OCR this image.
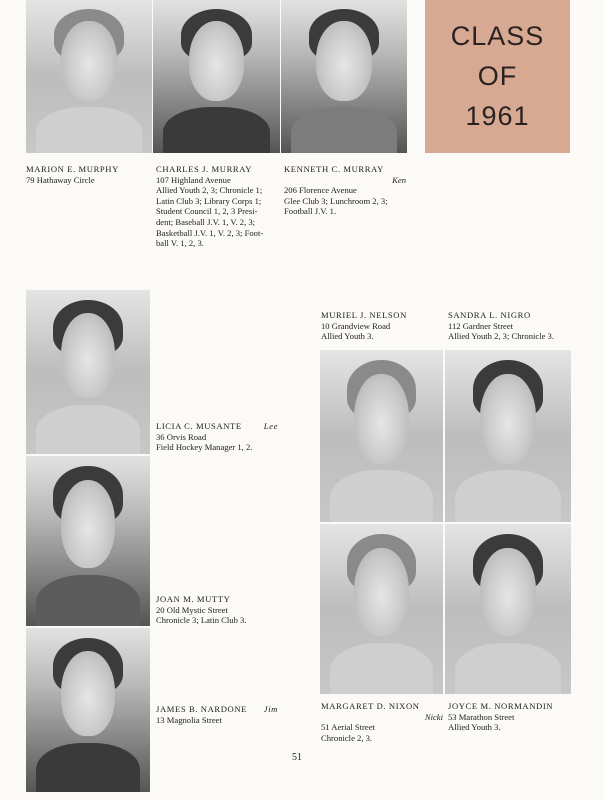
CLASS
OF
1961
MARION E. MURPHY
79 Hathaway Circle
CHARLES J. MURRAY
107 Highland Avenue
Allied Youth 2, 3; Chronicle 1;
Latin Club 3; Library Corps 1;
Student Council 1, 2, 3 Presi-
dent; Baseball J.V. 1, V. 2, 3;
Basketball J.V. 1, V. 2, 3; Foot-
ball V. 1, 2, 3.
KENNETH C. MURRAY
Ken
206 Florence Avenue
Glee Club 3; Lunchroom 2, 3;
Football J.V. 1.
LICIA C. MUSANTE	Lee
36 Orvis Road
Field Hockey Manager 1, 2.
JOAN M. MUTTY
20 Old Mystic Street
Chronicle 3; Latin Club 3.
JAMES B. NARDONE Jim
13 Magnolia Street
MURIEL J. NELSON
10 Grandview Road
Allied Youth 3.
SANDRA L. NIGRO
112 Gardner Street
Allied Youth 2, 3; Chronicle 3.
MARGARET D. NIXON
Nicki
51 Aerial Street
Chronicle 2, 3.
JOYCE M. NORMANDIN
53 Marathon Street
Allied Youth 3.
51
